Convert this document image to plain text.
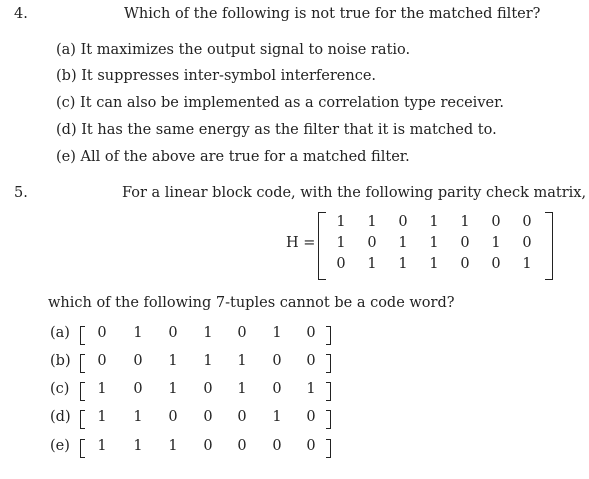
4.	Which of the following is not true for the matched filter?
(a) It maximizes the output signal to noise ratio.
(b) It suppresses inter-symbol interference.
(c) It can also be implemented as a correlation type receiver.
(d) It has the same energy as the filter that it is matched to.
(e) All of the above are true for a matched filter.
5.	For a linear block code, with the following parity check matrix,
H =
1	1	0	1	1	0	0
1	0	1	1	0	1	0
0	1	1	1	0	0	1
which of the following 7-tuples cannot be a code word?
(a)	0	1	0	1	0	1	0
(b)	0	0	1	1	1	0	0
(c)	1	0	1	0	1	0	1
(d)	1	1	0	0	0	1	0
(e)	1	1	1	0	0	0	0
